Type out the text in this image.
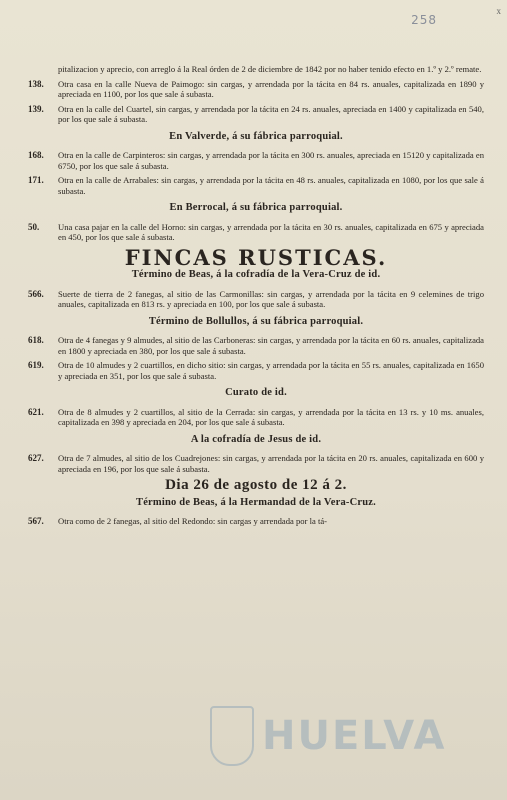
x
258
pitalizacion y aprecio, con arreglo á la Real órden de 2 de diciembre de 1842 por no haber tenido efecto en 1.º y 2.º remate.
138.	Otra casa en la calle Nueva de Paimogo: sin cargas, y arrendada por la tácita en 84 rs. anuales, capitalizada en 1890 y apreciada en 1100, por los que sale á subasta.
139.	Otra en la calle del Cuartel, sin cargas, y arrendada por la tácita en 24 rs. anuales, apreciada en 1400 y capitalizada en 540, por los que sale á subasta.
En Valverde, á su fábrica parroquial.
168.	Otra en la calle de Carpinteros: sin cargas, y arrendada por la tácita en 300 rs. anuales, apreciada en 15120 y capitalizada en 6750, por los que sale á subasta.
171.	Otra en la calle de Arrabales: sin cargas, y arrendada por la tácita en 48 rs. anuales, capitalizada en 1080, por los que sale á subasta.
En Berrocal, á su fábrica parroquial.
50.	Una casa pajar en la calle del Horno: sin cargas, y arrendada por la tácita en 30 rs. anuales, capitalizada en 675 y apreciada en 450, por los que sale á subasta.
FINCAS RUSTICAS.
Término de Beas, á la cofradía de la Vera-Cruz de id.
566.	Suerte de tierra de 2 fanegas, al sitio de las Carmonillas: sin cargas, y arrendada por la tácita en 9 celemines de trigo anuales, capitalizada en 813 rs. y apreciada en 100, por los que sale á subasta.
Término de Bollullos, á su fábrica parroquial.
618.	Otra de 4 fanegas y 9 almudes, al sitio de las Carboneras: sin cargas, y arrendada por la tácita en 60 rs. anuales, capitalizada en 1800 y apreciada en 380, por los que sale á subasta.
619.	Otra de 10 almudes y 2 cuartillos, en dicho sitio: sin cargas, y arrendada por la tácita en 55 rs. anuales, capitalizada en 1650 y apreciada en 351, por los que sale á subasta.
Curato de id.
621.	Otra de 8 almudes y 2 cuartillos, al sitio de la Cerrada: sin cargas, y arrendada por la tácita en 13 rs. y 10 ms. anuales, capitalizada en 398 y apreciada en 204, por los que sale á subasta.
A la cofradía de Jesus de id.
627.	Otra de 7 almudes, al sitio de los Cuadrejones: sin cargas, y arrendada por la tácita en 20 rs. anuales, capitalizada en 600 y apreciada en 196, por los que sale á subasta.
Dia 26 de agosto de 12 á 2.
Término de Beas, á la Hermandad de la Vera-Cruz.
567.	Otra como de 2 fanegas, al sitio del Redondo: sin cargas y arrendada por la tá-
HUELVA
